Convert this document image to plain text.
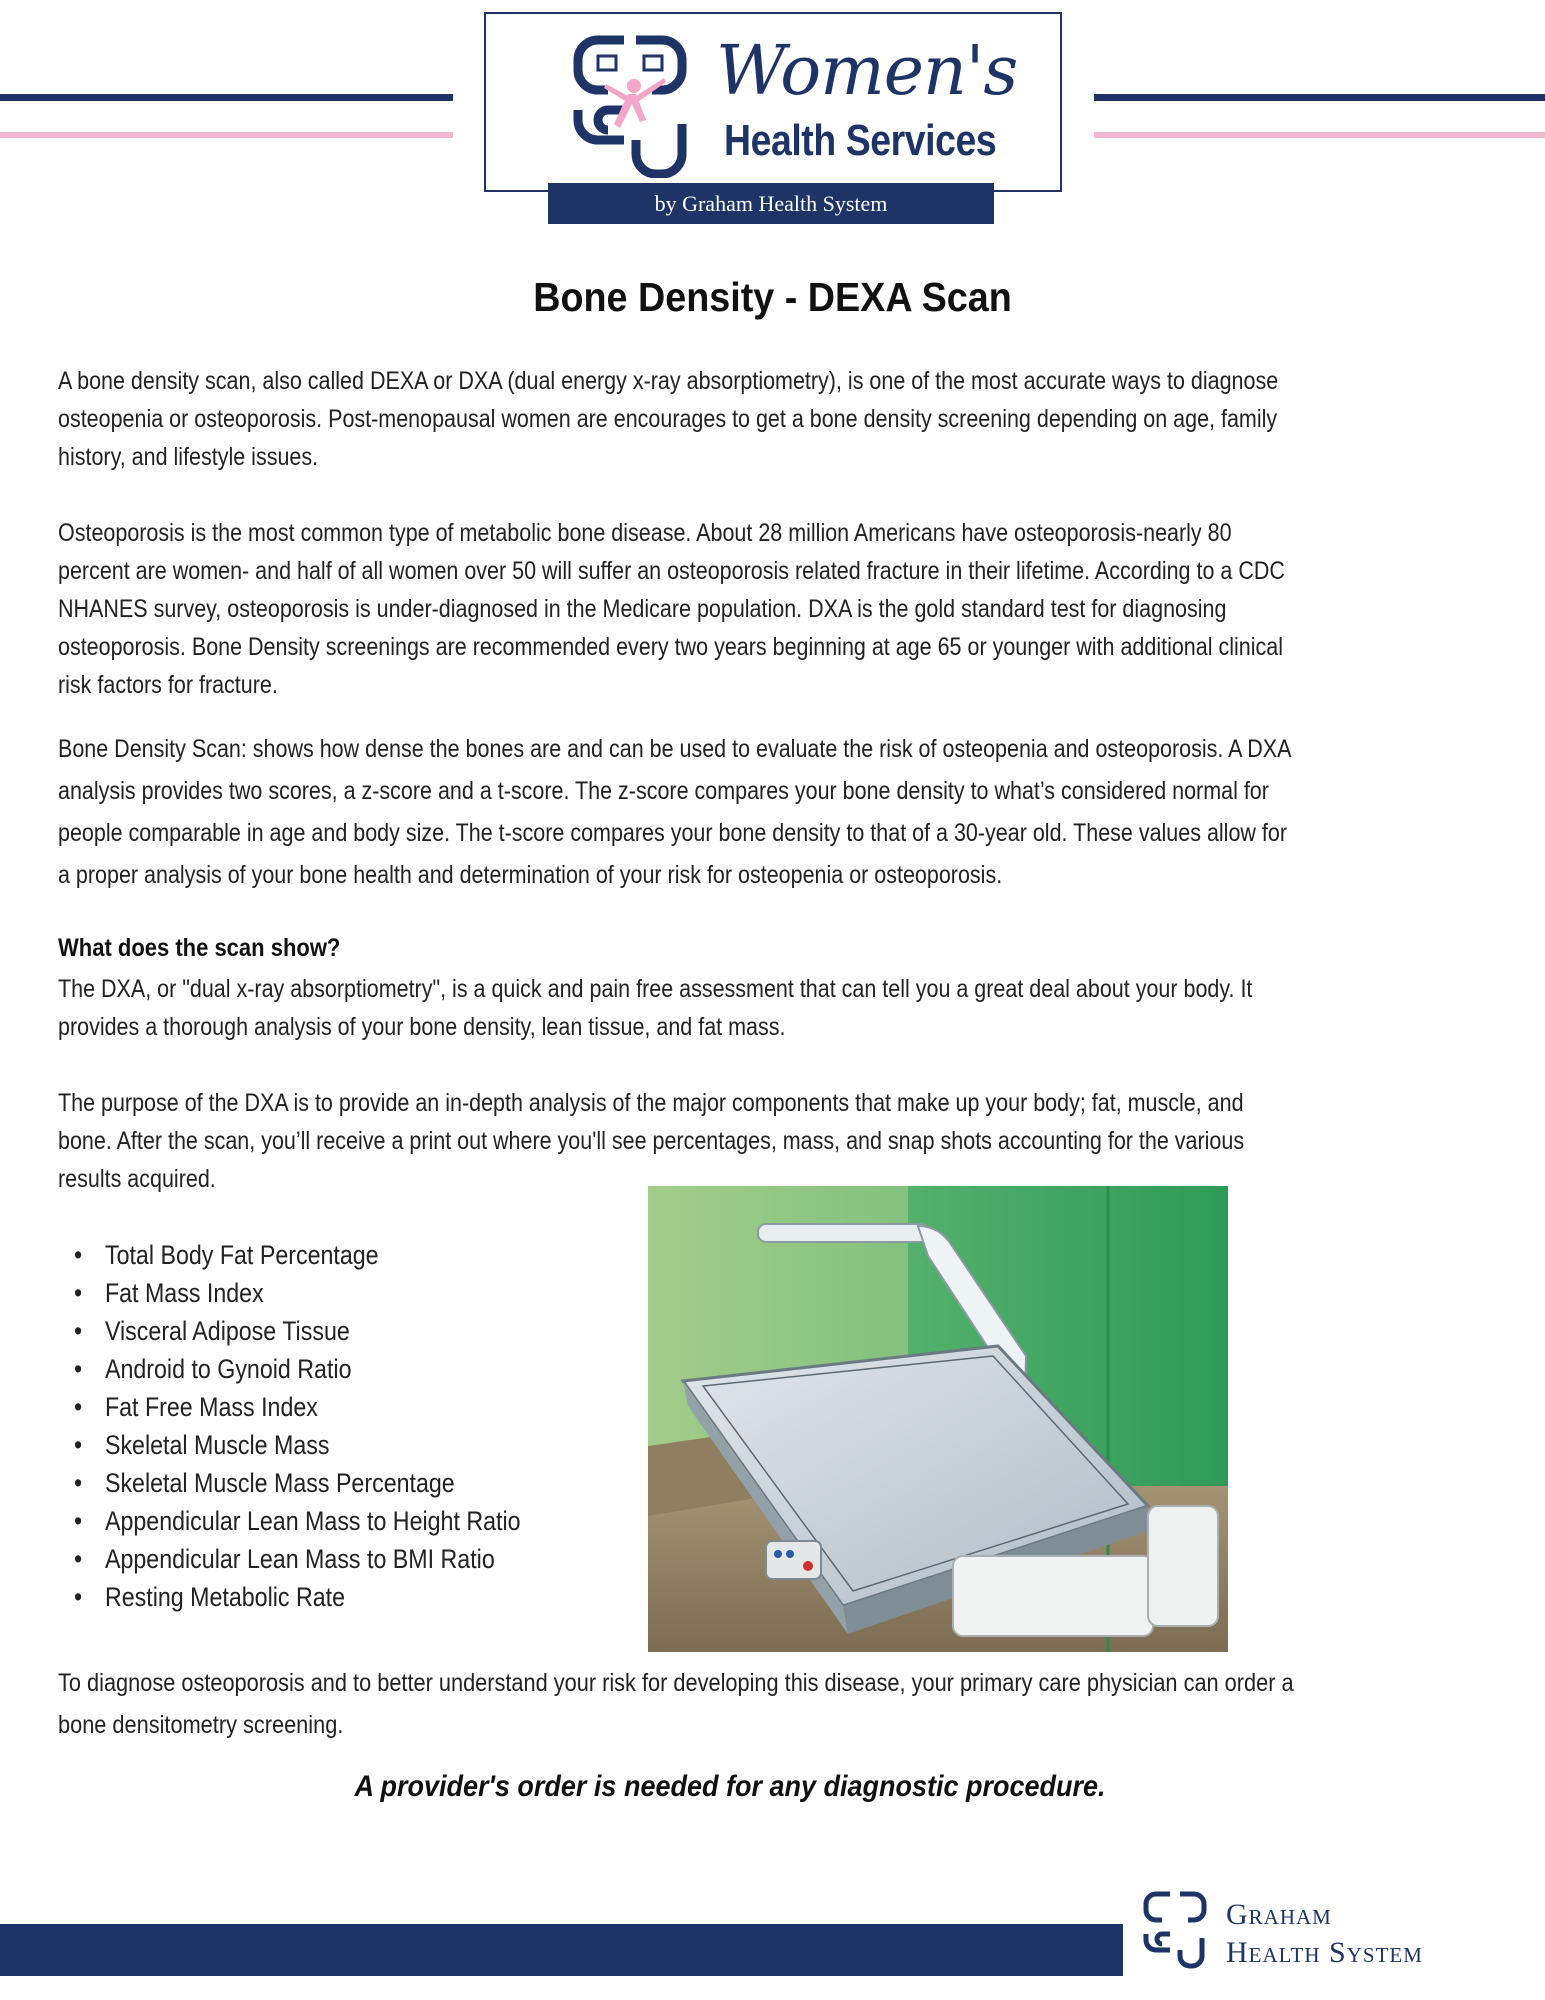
Women's
Health Services
by Graham Health System
Bone Density - DEXA Scan

A bone density scan, also called DEXA or DXA (dual energy x-ray absorptiometry), is one of the most accurate ways to diagnose osteopenia or osteoporosis. Post-menopausal women are encourages to get a bone density screening depending on age, family history, and lifestyle issues.

Osteoporosis is the most common type of metabolic bone disease. About 28 million Americans have osteoporosis-nearly 80 percent are women- and half of all women over 50 will suffer an osteoporosis related fracture in their lifetime. According to a CDC NHANES survey, osteoporosis is under-diagnosed in the Medicare population. DXA is the gold standard test for diagnosing osteoporosis. Bone Density screenings are recommended every two years beginning at age 65 or younger with additional clinical risk factors for fracture.

Bone Density Scan: shows how dense the bones are and can be used to evaluate the risk of osteopenia and osteoporosis. A DXA analysis provides two scores, a z-score and a t-score. The z-score compares your bone density to what’s considered normal for people comparable in age and body size. The t-score compares your bone density to that of a 30-year old. These values allow for a proper analysis of your bone health and determination of your risk for osteopenia or osteoporosis.

What does the scan show?

The DXA, or "dual x-ray absorptiometry", is a quick and pain free assessment that can tell you a great deal about your body. It provides a thorough analysis of your bone density, lean tissue, and fat mass.

The purpose of the DXA is to provide an in-depth analysis of the major components that make up your body; fat, muscle, and bone. After the scan, you’ll receive a print out where you'll see percentages, mass, and snap shots accounting for the various results acquired.

• Total Body Fat Percentage
• Fat Mass Index
• Visceral Adipose Tissue
• Android to Gynoid Ratio
• Fat Free Mass Index
• Skeletal Muscle Mass
• Skeletal Muscle Mass Percentage
• Appendicular Lean Mass to Height Ratio
• Appendicular Lean Mass to BMI Ratio
• Resting Metabolic Rate

To diagnose osteoporosis and to better understand your risk for developing this disease, your primary care physician can order a bone densitometry screening.

A provider's order is needed for any diagnostic procedure.

Graham
Health System
